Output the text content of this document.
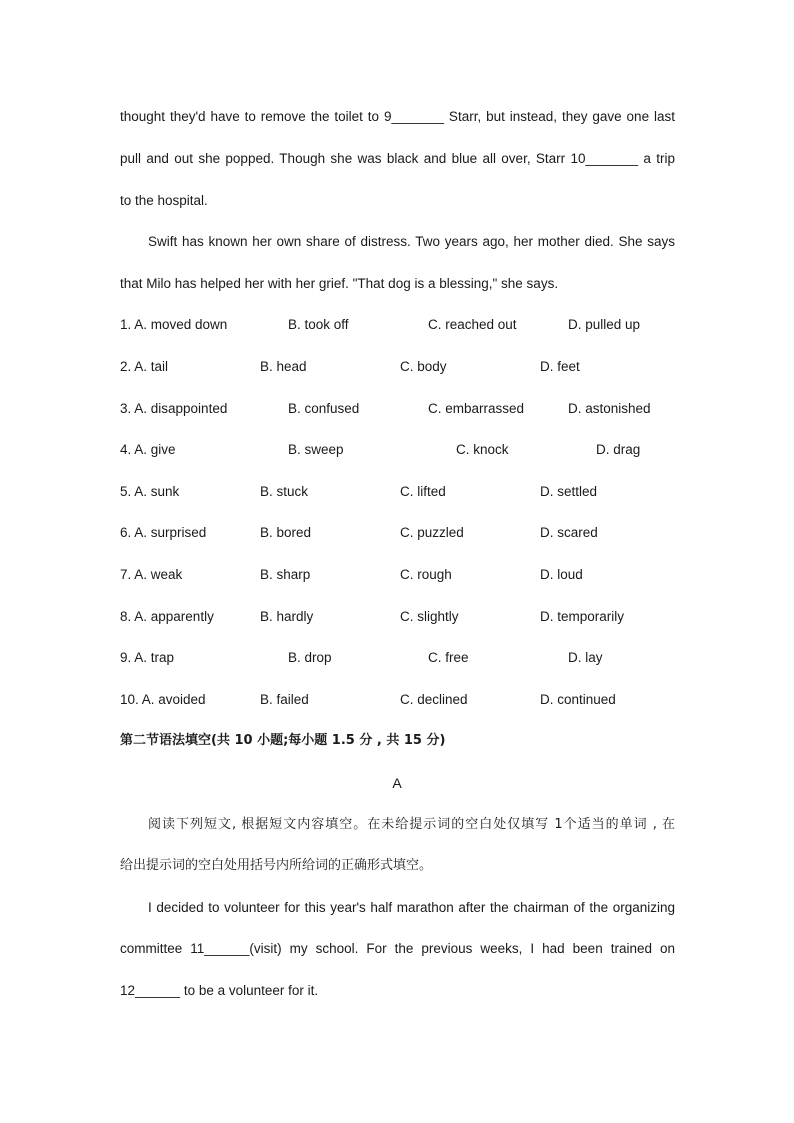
thought they'd have to remove the toilet to 9_______ Starr, but instead, they gave one last
pull and out she popped. Though she was black and blue all over, Starr 10_______ a trip
to the hospital.
Swift has known her own share of distress. Two years ago, her mother died. She says
that Milo has helped her with her grief. "That dog is a blessing," she says.
1. A. moved down	B. took off	C. reached out	D. pulled up
2. A. tail	B. head	C. body	D. feet
3. A. disappointed	B. confused	C. embarrassed	D. astonished
4. A. give	B. sweep	C. knock	D. drag
5. A. sunk	B. stuck	C. lifted	D. settled
6. A. surprised	B. bored	C. puzzled	D. scared
7. A. weak	B. sharp	C. rough	D. loud
8. A. apparently	B. hardly	C. slightly	D. temporarily
9. A. trap	B. drop	C. free	D. lay
10. A. avoided	B. failed	C. declined	D. continued
第二节语法填空(共 10 小题;每小题 1.5 分 , 共 15 分)
A
阅读下列短文, 根据短文内容填空。在未给提示词的空白处仅填写 1个适当的单词 , 在
给出提示词的空白处用括号内所给词的正确形式填空。
I decided to volunteer for this year's half marathon after the chairman of the organizing
committee 11______(visit) my school. For the previous weeks, I had been trained on
12______ to be a volunteer for it.
